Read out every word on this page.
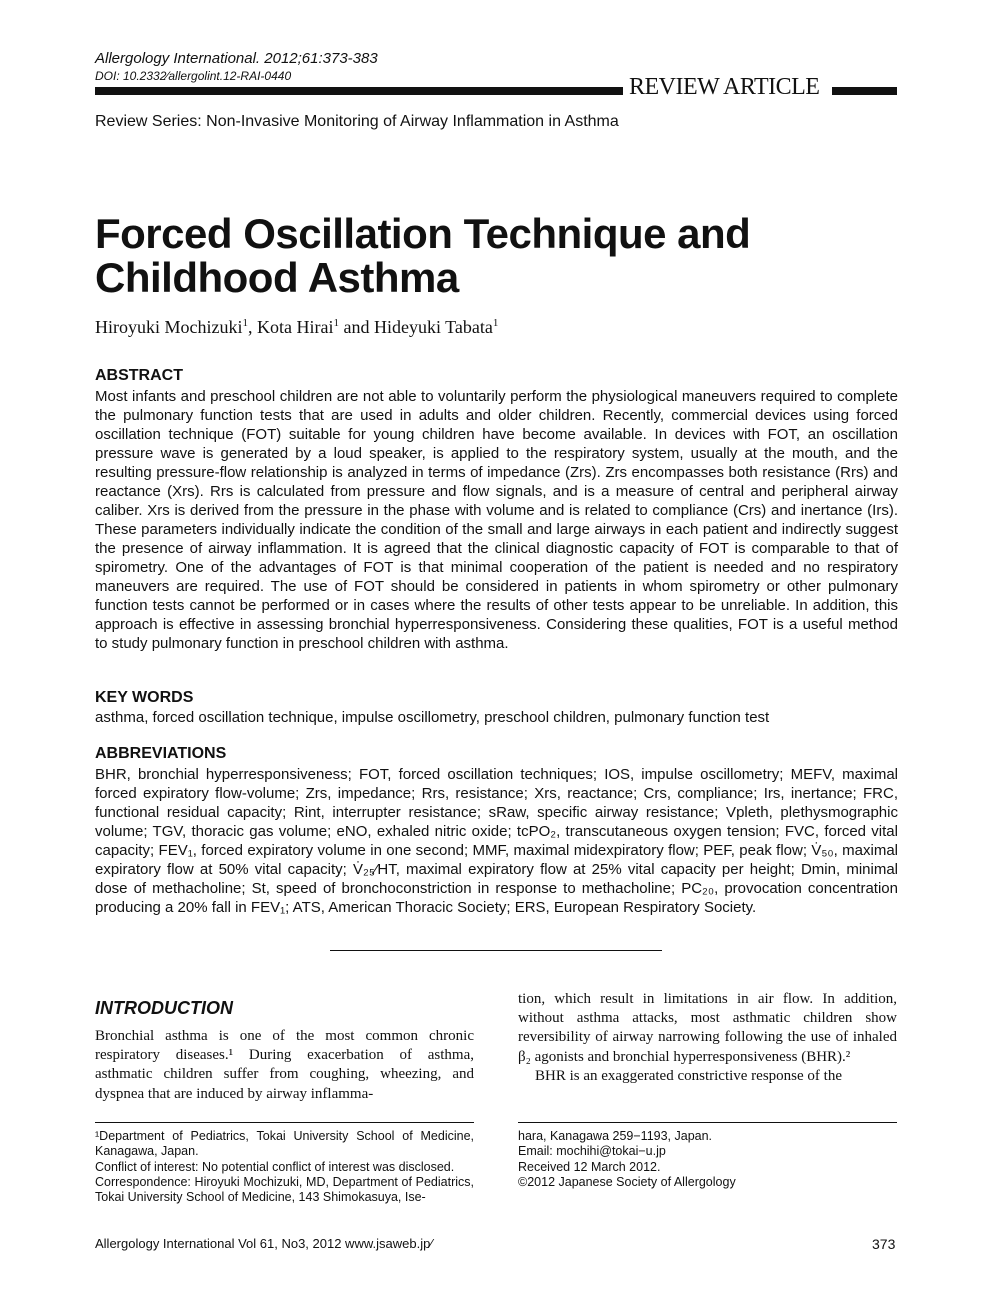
Allergology International. 2012;61:373-383
DOI: 10.2332⁄allergolint.12-RAI-0440	REVIEW ARTICLE
Review Series: Non-Invasive Monitoring of Airway Inflammation in Asthma
Forced Oscillation Technique and
Childhood Asthma
Hiroyuki Mochizuki$^1$, Kota Hirai$^1$ and Hideyuki Tabata$^1$
ABSTRACT
Most infants and preschool children are not able to voluntarily perform the physiological maneuvers required to complete the pulmonary function tests that are used in adults and older children. Recently, commercial devices using forced oscillation technique (FOT) suitable for young children have become available. In devices with FOT, an oscillation pressure wave is generated by a loud speaker, is applied to the respiratory system, usually at the mouth, and the resulting pressure-flow relationship is analyzed in terms of impedance (Zrs). Zrs encompasses both resistance (Rrs) and reactance (Xrs). Rrs is calculated from pressure and flow signals, and is a measure of central and peripheral airway caliber. Xrs is derived from the pressure in the phase with volume and is related to compliance (Crs) and inertance (Irs). These parameters individually indicate the condition of the small and large airways in each patient and indirectly suggest the presence of airway inflammation. It is agreed that the clinical diagnostic capacity of FOT is comparable to that of spirometry. One of the advantages of FOT is that minimal cooperation of the patient is needed and no respiratory maneuvers are required. The use of FOT should be considered in patients in whom spirometry or other pulmonary function tests cannot be performed or in cases where the results of other tests appear to be unreliable. In addition, this approach is effective in assessing bronchial hyperresponsiveness. Considering these qualities, FOT is a useful method to study pulmonary function in preschool children with asthma.
KEY WORDS
asthma, forced oscillation technique, impulse oscillometry, preschool children, pulmonary function test
ABBREVIATIONS
BHR, bronchial hyperresponsiveness; FOT, forced oscillation techniques; IOS, impulse oscillometry; MEFV, maximal forced expiratory flow-volume; Zrs, impedance; Rrs, resistance; Xrs, reactance; Crs, compliance; Irs, inertance; FRC, functional residual capacity; Rint, interrupter resistance; sRaw, specific airway resistance; Vpleth, plethysmographic volume; TGV, thoracic gas volume; eNO, exhaled nitric oxide; tcPO₂, transcutaneous oxygen tension; FVC, forced vital capacity; FEV₁, forced expiratory volume in one second; MMF, maximal midexpiratory flow; PEF, peak flow; V̇₅₀, maximal expiratory flow at 50% vital capacity; V̇₂₅⁄HT, maximal expiratory flow at 25% vital capacity per height; Dmin, minimal dose of methacholine; St, speed of bronchoconstriction in response to methacholine; PC₂₀, provocation concentration producing a 20% fall in FEV₁; ATS, American Thoracic Society; ERS, European Respiratory Society.
INTRODUCTION
Bronchial asthma is one of the most common chronic respiratory diseases.¹ During exacerbation of asthma, asthmatic children suffer from coughing, wheezing, and dyspnea that are induced by airway inflamma-

tion, which result in limitations in air flow. In addition, without asthma attacks, most asthmatic children show reversibility of airway narrowing following the use of inhaled β₂ agonists and bronchial hyperresponsiveness (BHR).²

BHR is an exaggerated constrictive response of the

¹Department of Pediatrics, Tokai University School of Medicine, Kanagawa, Japan.
Conflict of interest: No potential conflict of interest was disclosed.
Correspondence: Hiroyuki Mochizuki, MD, Department of Pediatrics, Tokai University School of Medicine, 143 Shimokasuya, Ise-
hara, Kanagawa 259−1193, Japan.
Email: mochihi@tokai−u.jp
Received 12 March 2012.
©2012 Japanese Society of Allergology
Allergology International Vol 61, No3, 2012 www.jsaweb.jp⁄	373
